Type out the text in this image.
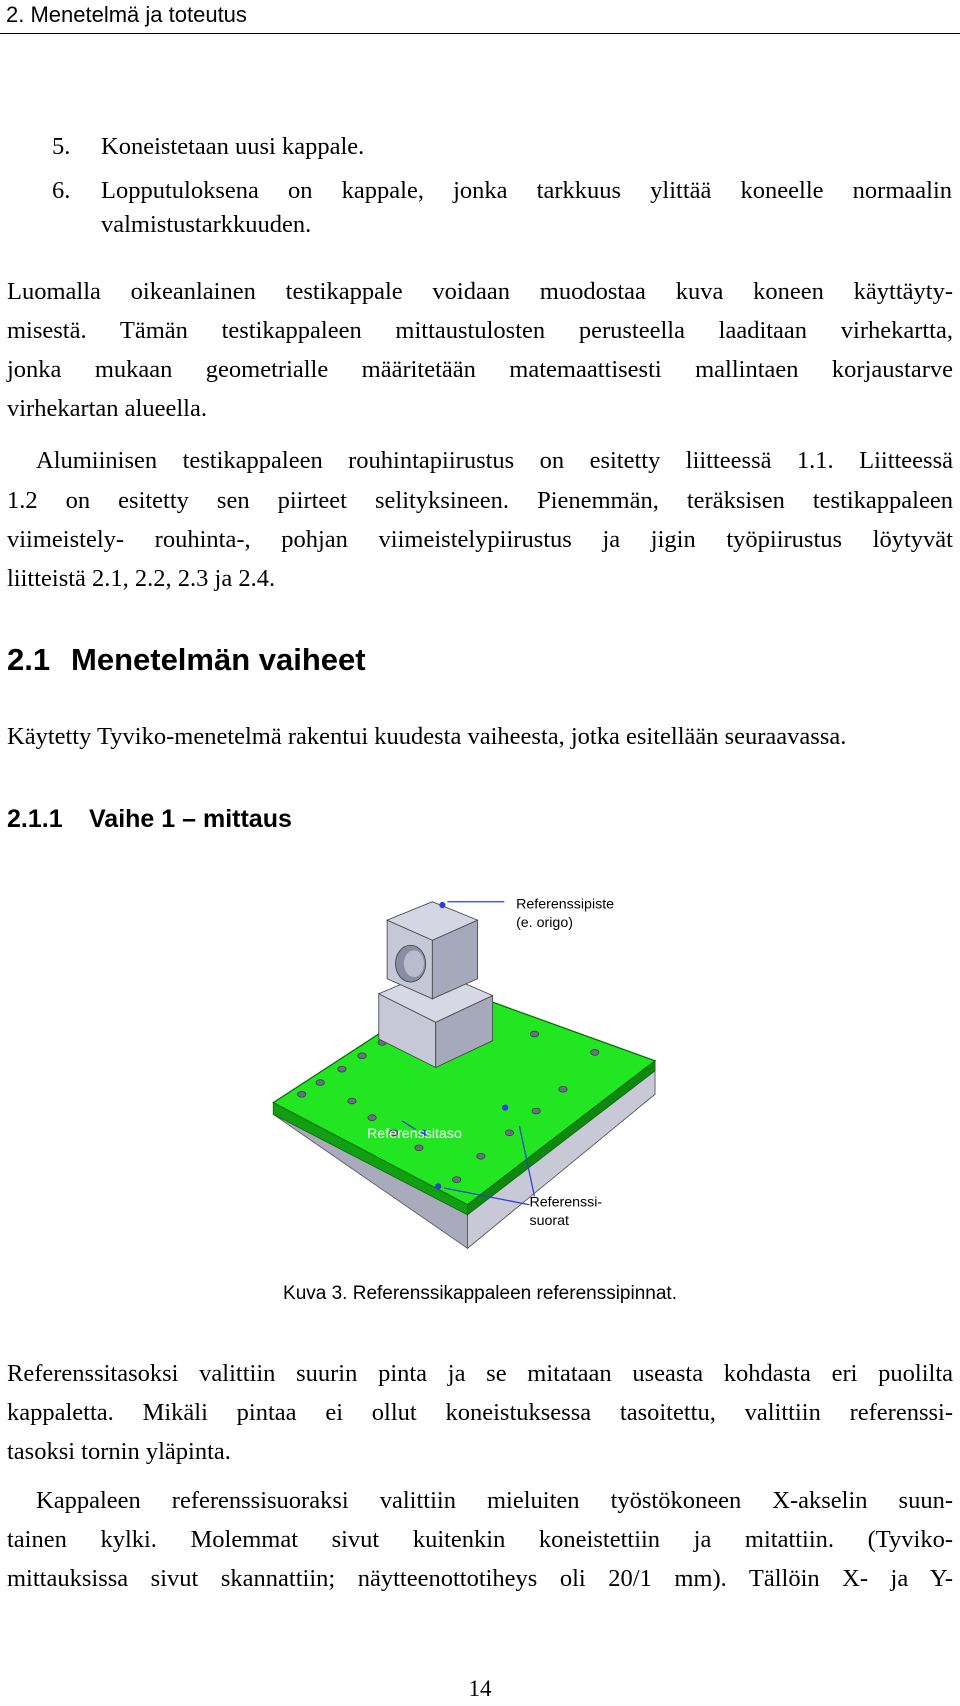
2. Menetelmä ja toteutus
5. Koneistetaan uusi kappale.
6. Lopputuloksena on kappale, jonka tarkkuus ylittää koneelle normaalin
valmistustarkkuuden.
Luomalla oikeanlainen testikappale voidaan muodostaa kuva koneen käyttäyty-
misestä. Tämän testikappaleen mittaustulosten perusteella laaditaan virhekartta,
jonka mukaan geometrialle määritetään matemaattisesti mallintaen korjaustarve
virhekartan alueella.
Alumiinisen testikappaleen rouhintapiirustus on esitetty liitteessä 1.1. Liitteessä
1.2 on esitetty sen piirteet selityksineen. Pienemmän, teräksisen testikappaleen
viimeistely- rouhinta-, pohjan viimeistelypiirustus ja jigin työpiirustus löytyvät
liitteistä 2.1, 2.2, 2.3 ja 2.4.
2.1 Menetelmän vaiheet
Käytetty Tyviko-menetelmä rakentui kuudesta vaiheesta, jotka esitellään seuraavassa.
2.1.1 Vaihe 1 – mittaus
Referenssipiste
(e. origo)
Referenssitaso
Referenssi-
suorat
Kuva 3. Referenssikappaleen referenssipinnat.
Referenssitasoksi valittiin suurin pinta ja se mitataan useasta kohdasta eri puolilta
kappaletta. Mikäli pintaa ei ollut koneistuksessa tasoitettu, valittiin referenssi-
tasoksi tornin yläpinta.
Kappaleen referenssisuoraksi valittiin mieluiten työstökoneen X-akselin suun-
tainen kylki. Molemmat sivut kuitenkin koneistettiin ja mitattiin. (Tyviko-
mittauksissa sivut skannattiin; näytteenottotiheys oli 20/1 mm). Tällöin X- ja Y-
14
